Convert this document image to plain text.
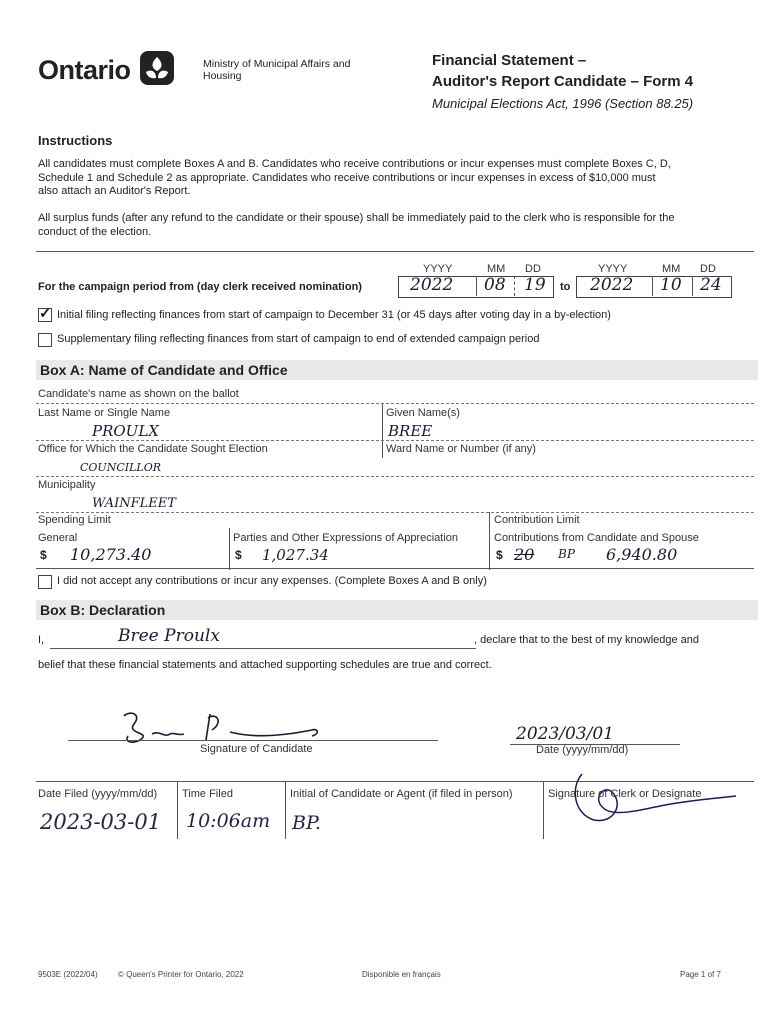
Ontario	Ministry of Municipal Affairs and Housing
Financial Statement –
Auditor's Report Candidate – Form 4
Municipal Elections Act, 1996 (Section 88.25)
Instructions
All candidates must complete Boxes A and B. Candidates who receive contributions or incur expenses must complete Boxes C, D, Schedule 1 and Schedule 2 as appropriate. Candidates who receive contributions or incur expenses in excess of $10,000 must also attach an Auditor's Report.
All surplus funds (after any refund to the candidate or their spouse) shall be immediately paid to the clerk who is responsible for the conduct of the election.
YYYY	MM DD	YYYY	MM DD
For the campaign period from (day clerk received nomination)	2022 08 19 to 2022 10 24
✓ Initial filing reflecting finances from start of campaign to December 31 (or 45 days after voting day in a by-election)
Supplementary filing reflecting finances from start of campaign to end of extended campaign period
Box A: Name of Candidate and Office
Candidate's name as shown on the ballot
Last Name or Single Name
PROULX
Given Name(s)
BREE
Office for Which the Candidate Sought Election
COUNCILLOR
Ward Name or Number (if any)
Municipality
WAINFLEET
Spending Limit	Contribution Limit
General	Parties and Other Expressions of Appreciation	Contributions from Candidate and Spouse
$ 10,273.40	$ 1,027.34	$ 20 BP 6,940.80
I did not accept any contributions or incur any expenses. (Complete Boxes A and B only)
Box B: Declaration
I,	Bree Proulx	, declare that to the best of my knowledge and
belief that these financial statements and attached supporting schedules are true and correct.
Signature of Candidate
2023/03/01
Date (yyyy/mm/dd)
Date Filed (yyyy/mm/dd) Time Filed	Initial of Candidate or Agent (if filed in person)	Signature of Clerk or Designate
2023-03-01 10:06am BP.
9503E (2022/04)	© Queen's Printer for Ontario, 2022	Disponible en français	Page 1 of 7
